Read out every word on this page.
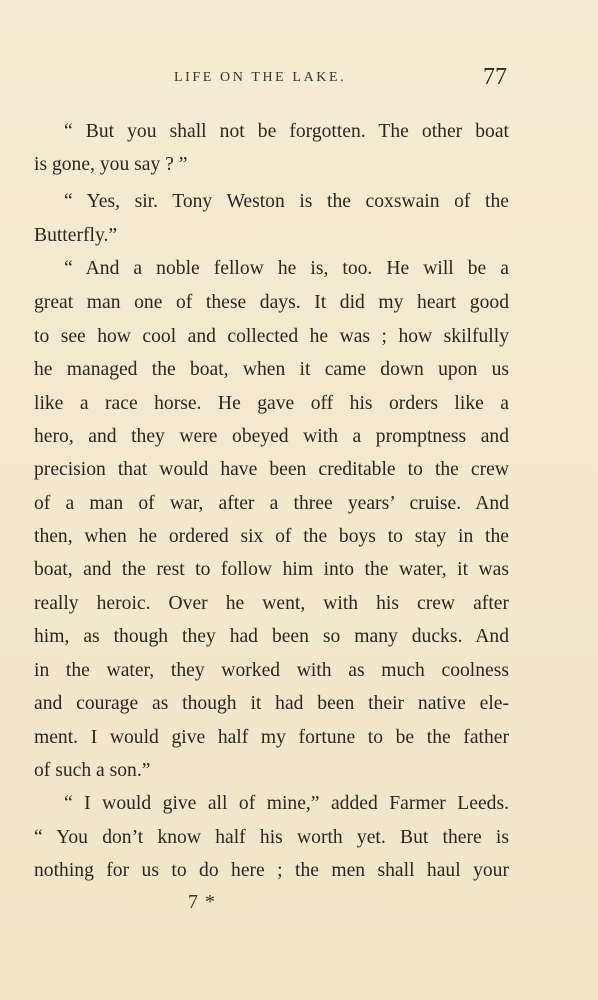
LIFE ON THE LAKE.	77
“ But you shall not be forgotten. The other boat
is gone, you say ? ”
“ Yes, sir. Tony Weston is the coxswain of the
Butterfly.”
“ And a noble fellow he is, too. He will be a
great man one of these days. It did my heart good
to see how cool and collected he was ; how skilfully
he managed the boat, when it came down upon us
like a race horse. He gave off his orders like a
hero, and they were obeyed with a promptness and
precision that would have been creditable to the crew
of a man of war, after a three years’ cruise. And
then, when he ordered six of the boys to stay in the
boat, and the rest to follow him into the water, it was
really heroic. Over he went, with his crew after
him, as though they had been so many ducks. And
in the water, they worked with as much coolness
and courage as though it had been their native ele-
ment. I would give half my fortune to be the father
of such a son.”
“ I would give all of mine,” added Farmer Leeds.
“ You don’t know half his worth yet. But there is
nothing for us to do here ; the men shall haul your
7 *
